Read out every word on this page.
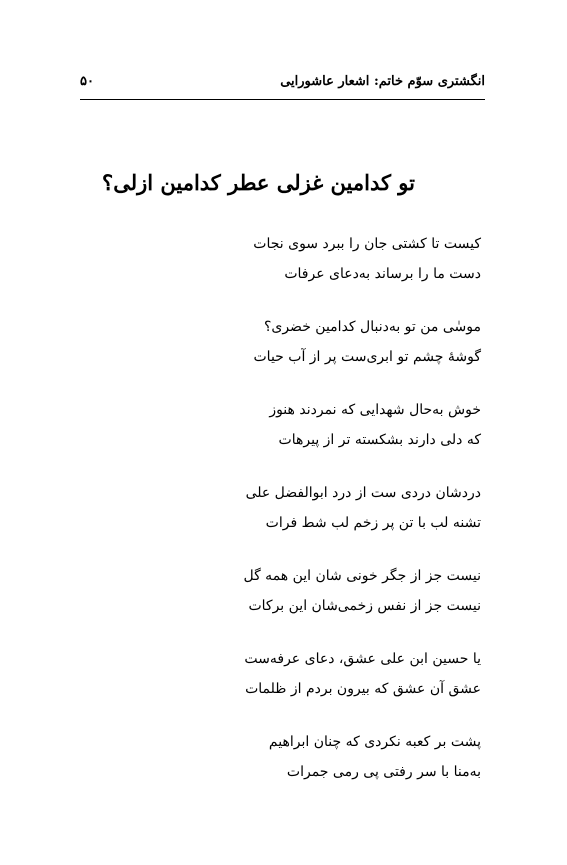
انگشتری سوّم خاتم: اشعار عاشورایی
۵۰
تو کدامین غزلی عطر کدامین ازلی؟
کیست تا کشتی جان را ببرد سوی نجات
دست ما را برساند به‌دعای عرفات
موسٰی من تو به‌دنبال کدامین خضری؟
گوشهٔ چشم تو ابری‌ست پر از آب حیات
خوش به‌حال شهدایی که نمردند هنوز
که دلی دارند بشکسته تر از پیرهات
دردشان دردی ست از درد ابوالفضل علی
تشنه لب با تن پر زخم لب شط فرات
نیست جز از جگر خونی شان این همه گل
نیست جز از نفس زخمی‌شان این برکات
یا حسین ابن علی عشق، دعای عرفه‌ست
عشق آن عشق که بیرون بردم از ظلمات
پشت بر کعبه نکردی که چنان ابراهیم
به‌منا با سر رفتی پی رمی جمرات
